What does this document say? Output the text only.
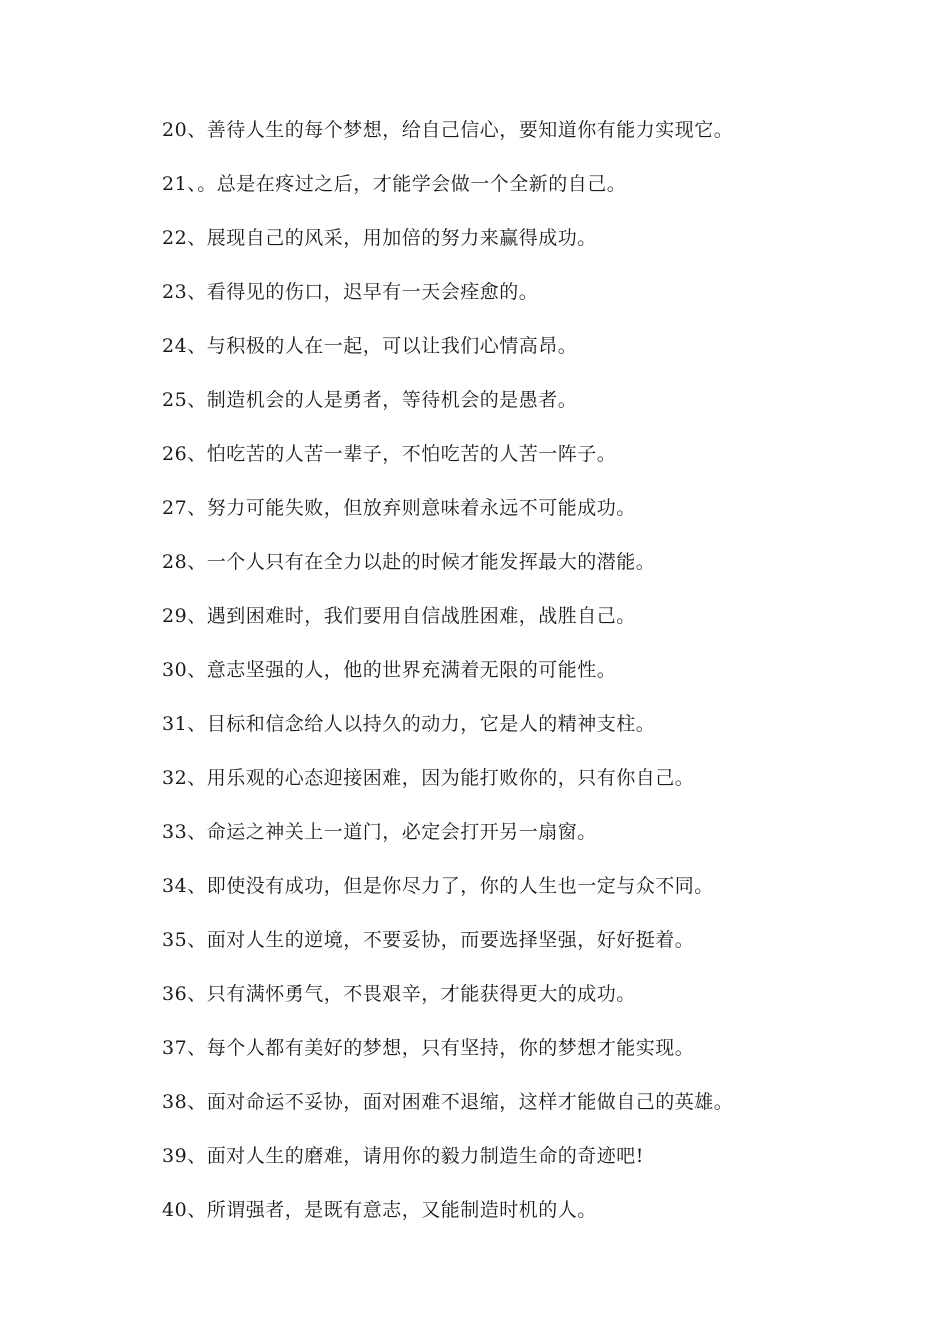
20、善待人生的每个梦想，给自己信心，要知道你有能力实现它。
21、。总是在疼过之后，才能学会做一个全新的自己。
22、展现自己的风采，用加倍的努力来赢得成功。
23、看得见的伤口，迟早有一天会痊愈的。
24、与积极的人在一起，可以让我们心情高昂。
25、制造机会的人是勇者，等待机会的是愚者。
26、怕吃苦的人苦一辈子，不怕吃苦的人苦一阵子。
27、努力可能失败，但放弃则意味着永远不可能成功。
28、一个人只有在全力以赴的时候才能发挥最大的潜能。
29、遇到困难时，我们要用自信战胜困难，战胜自己。
30、意志坚强的人，他的世界充满着无限的可能性。
31、目标和信念给人以持久的动力，它是人的精神支柱。
32、用乐观的心态迎接困难，因为能打败你的，只有你自己。
33、命运之神关上一道门，必定会打开另一扇窗。
34、即使没有成功，但是你尽力了，你的人生也一定与众不同。
35、面对人生的逆境，不要妥协，而要选择坚强，好好挺着。
36、只有满怀勇气，不畏艰辛，才能获得更大的成功。
37、每个人都有美好的梦想，只有坚持，你的梦想才能实现。
38、面对命运不妥协，面对困难不退缩，这样才能做自己的英雄。
39、面对人生的磨难，请用你的毅力制造生命的奇迹吧!
40、所谓强者，是既有意志，又能制造时机的人。
